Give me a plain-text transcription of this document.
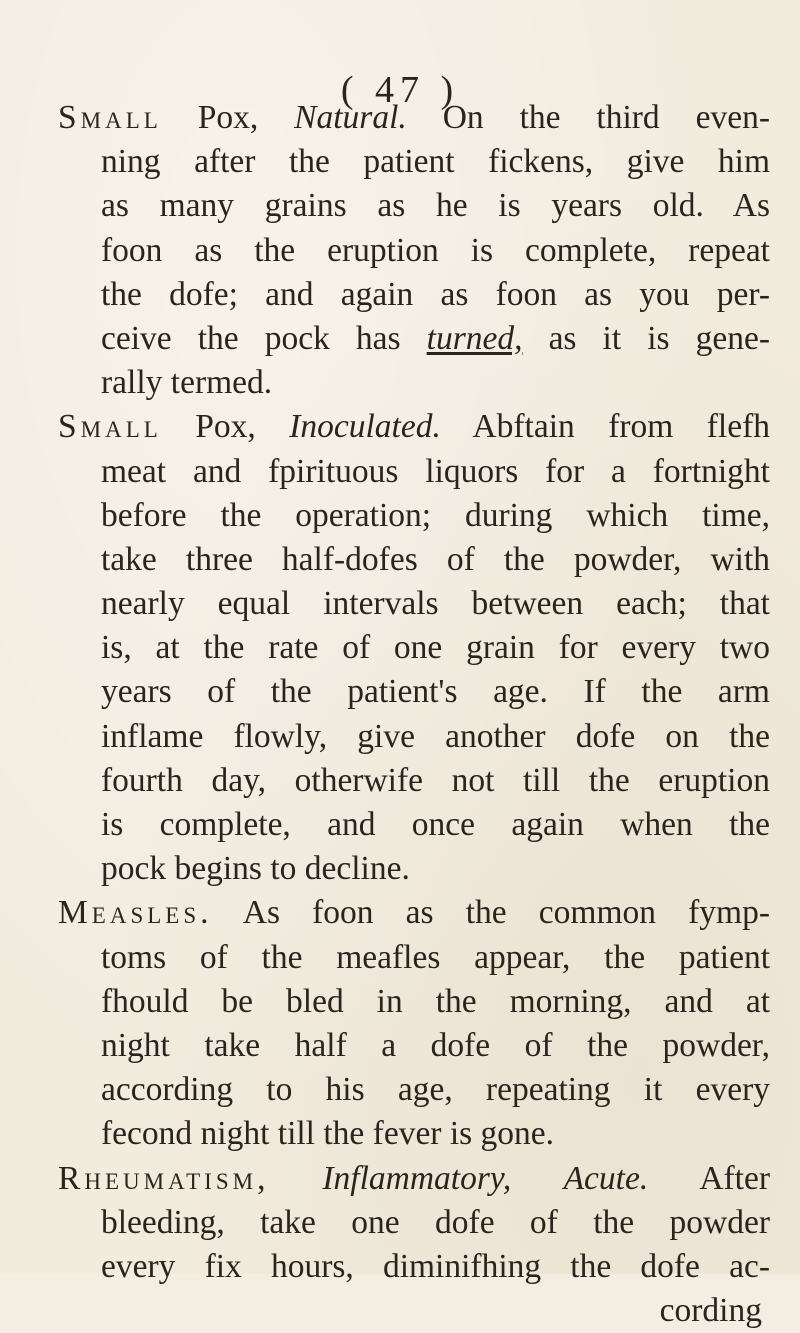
( 47 )
Small Pox, Natural. On the third even-
ning after the patient fickens, give him
as many grains as he is years old. As
foon as the eruption is complete, repeat
the dofe; and again as foon as you per-
ceive the pock has turned, as it is gene-
rally termed.
Small Pox, Inoculated. Abftain from flefh
meat and fpirituous liquors for a fortnight
before the operation; during which time,
take three half-dofes of the powder, with
nearly equal intervals between each; that
is, at the rate of one grain for every two
years of the patient's age. If the arm
inflame flowly, give another dofe on the
fourth day, otherwife not till the eruption
is complete, and once again when the
pock begins to decline.
Measles. As foon as the common fymp-
toms of the meafles appear, the patient
fhould be bled in the morning, and at
night take half a dofe of the powder,
according to his age, repeating it every
fecond night till the fever is gone.
Rheumatism, Inflammatory, Acute. After
bleeding, take one dofe of the powder
every fix hours, diminifhing the dofe ac-
cording
